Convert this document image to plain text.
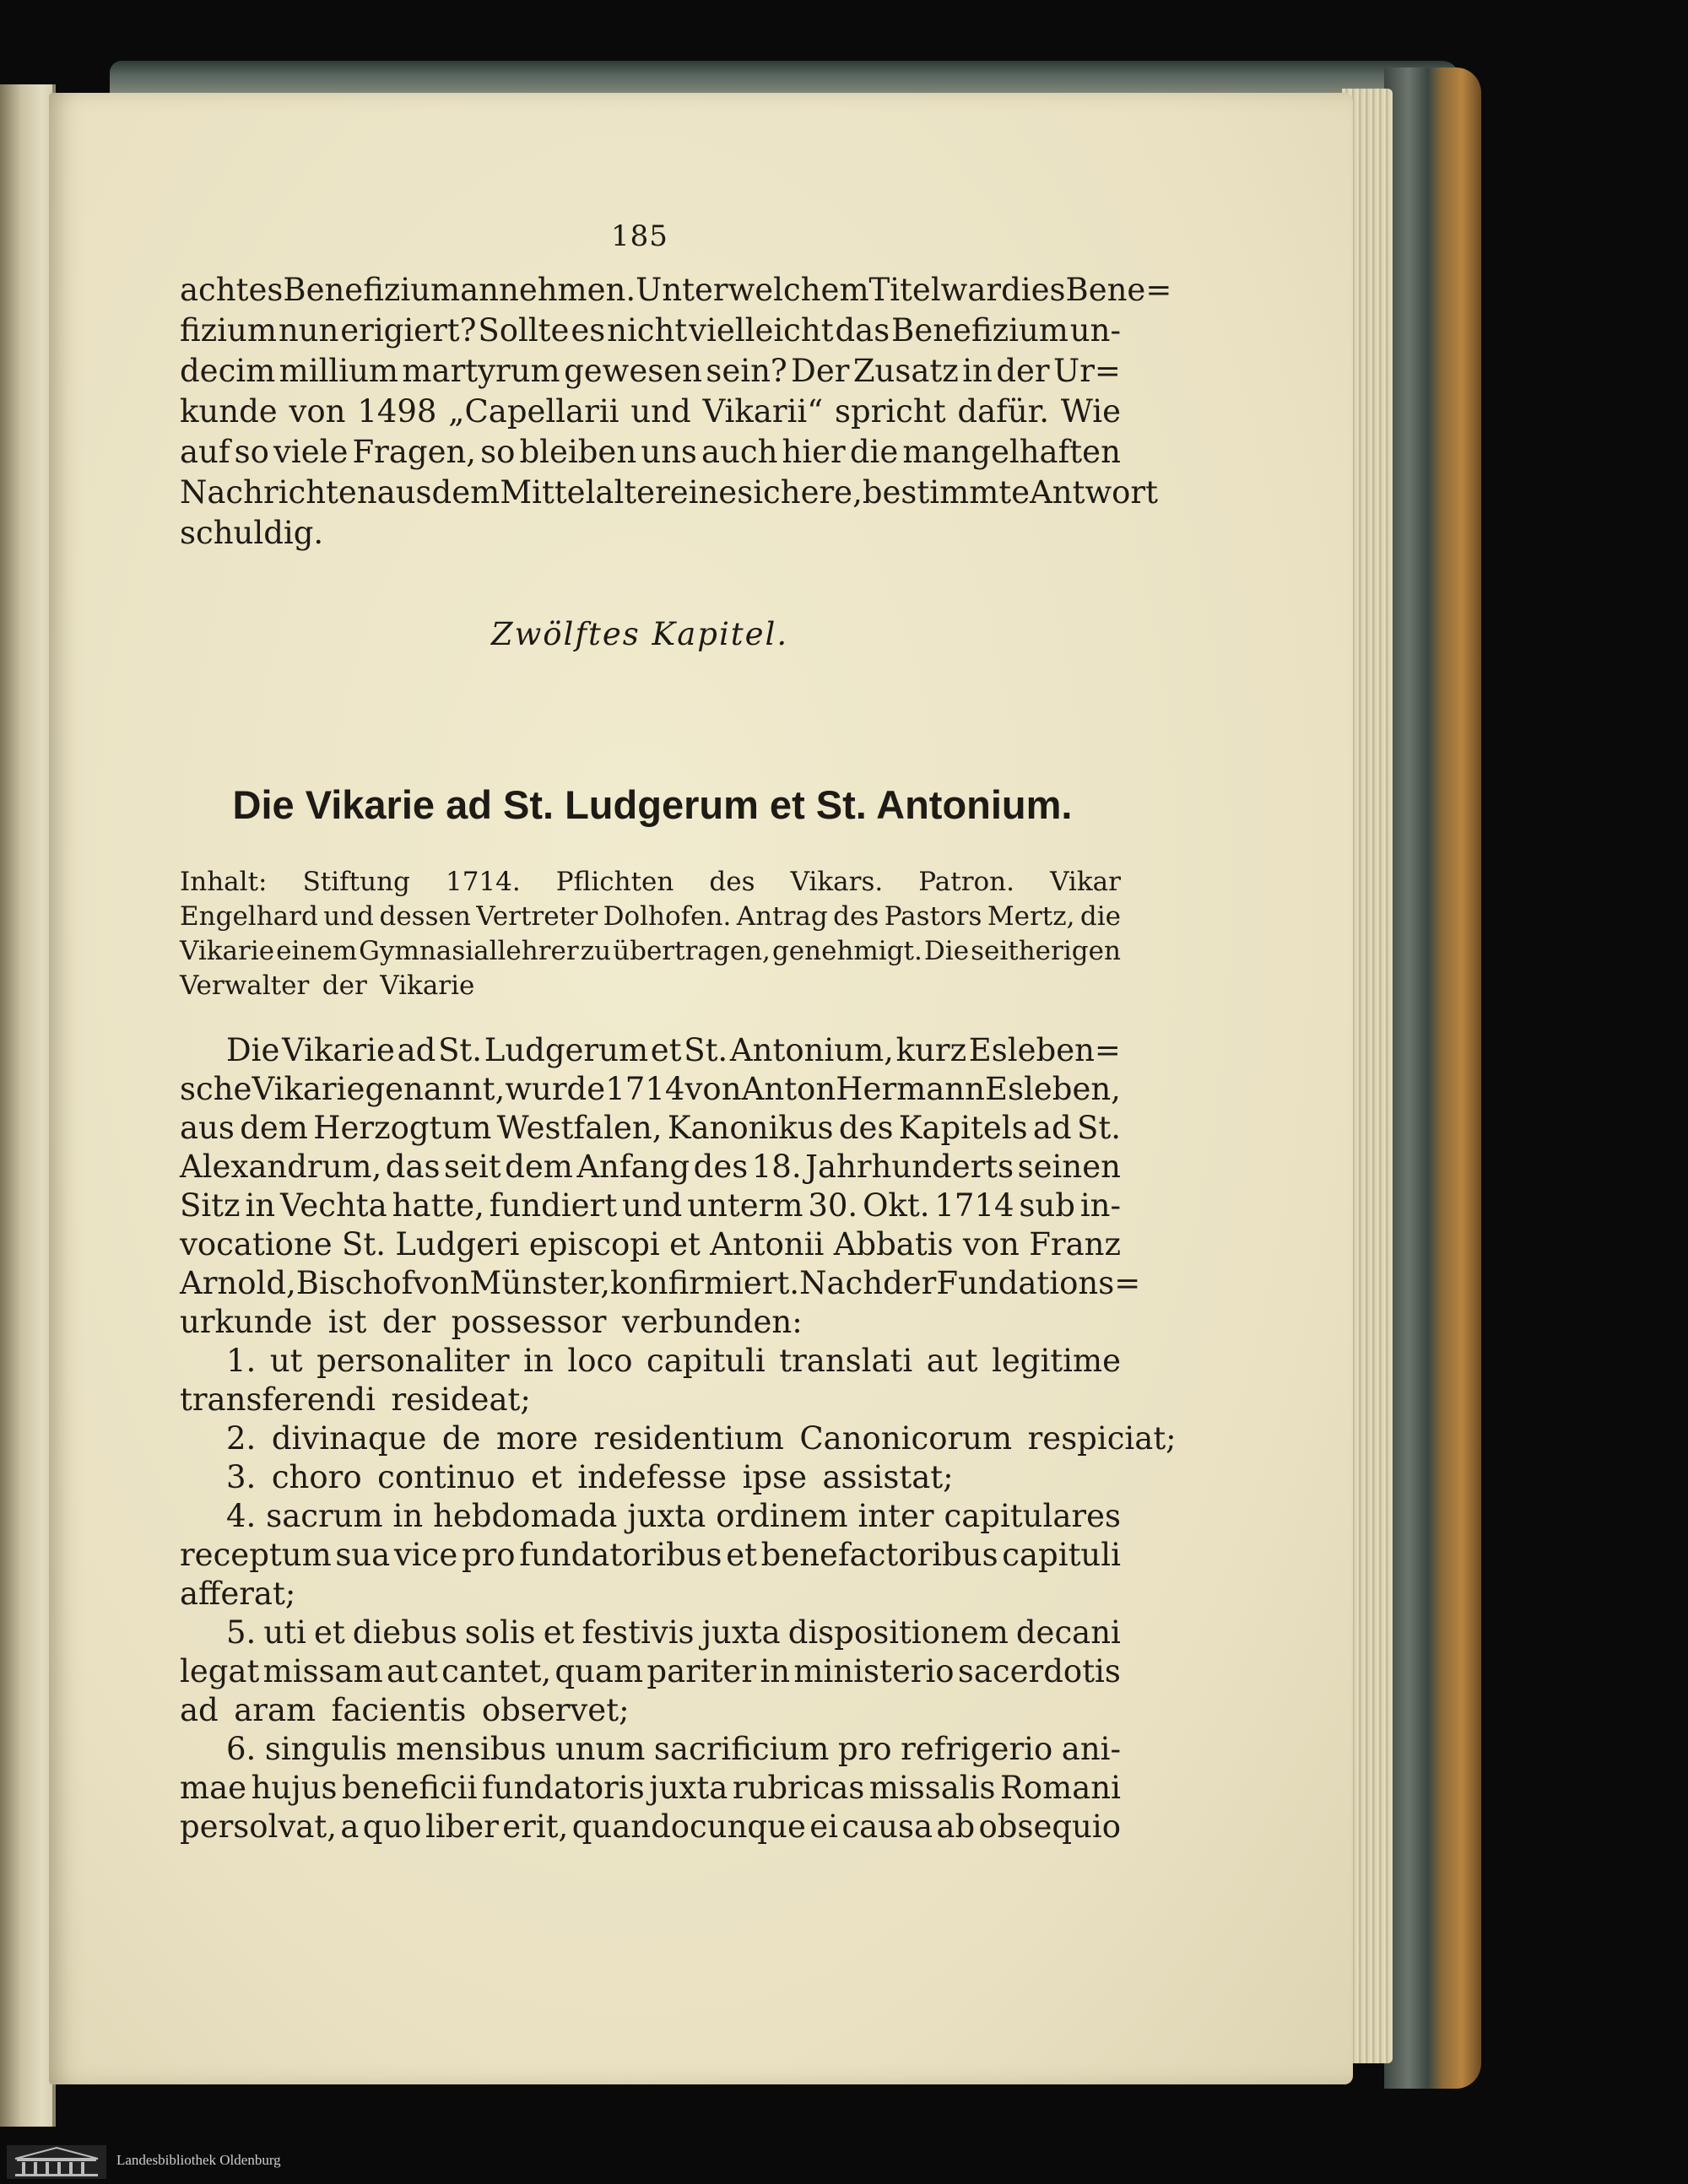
185
achtes Benefizium annehmen. Unter welchem Titel war dies Bene=
fizium nun erigiert? Sollte es nicht vielleicht das Benefizium un-
decim millium martyrum gewesen sein? Der Zusatz in der Ur=
kunde von 1498 „Capellarii und Vikarii“ spricht dafür. Wie
auf so viele Fragen, so bleiben uns auch hier die mangelhaften
Nachrichten aus dem Mittelalter eine sichere, bestimmte Antwort
schuldig.
Zwölftes Kapitel.
Die Vikarie ad St. Ludgerum et St. Antonium.
Inhalt: Stiftung 1714. Pflichten des Vikars. Patron. Vikar
Engelhard und dessen Vertreter Dolhofen. Antrag des Pastors Mertz, die
Vikarie einem Gymnasiallehrer zu übertragen, genehmigt. Die seitherigen
Verwalter der Vikarie
Die Vikarie ad St. Ludgerum et St. Antonium, kurz Esleben=
sche Vikarie genannt, wurde 1714 von Anton Hermann Esleben,
aus dem Herzogtum Westfalen, Kanonikus des Kapitels ad St.
Alexandrum, das seit dem Anfang des 18. Jahrhunderts seinen
Sitz in Vechta hatte, fundiert und unterm 30. Okt. 1714 sub in-
vocatione St. Ludgeri episcopi et Antonii Abbatis von Franz
Arnold, Bischof von Münster, konfirmiert. Nach der Fundations=
urkunde ist der possessor verbunden:
1. ut personaliter in loco capituli translati aut legitime
transferendi resideat;
2. divinaque de more residentium Canonicorum respiciat;
3. choro continuo et indefesse ipse assistat;
4. sacrum in hebdomada juxta ordinem inter capitulares
receptum sua vice pro fundatoribus et benefactoribus capituli
afferat;
5. uti et diebus solis et festivis juxta dispositionem decani
legat missam aut cantet, quam pariter in ministerio sacerdotis
ad aram facientis observet;
6. singulis mensibus unum sacrificium pro refrigerio ani-
mae hujus beneficii fundatoris juxta rubricas missalis Romani
persolvat, a quo liber erit, quandocunque ei causa ab obsequio
Landesbibliothek Oldenburg
